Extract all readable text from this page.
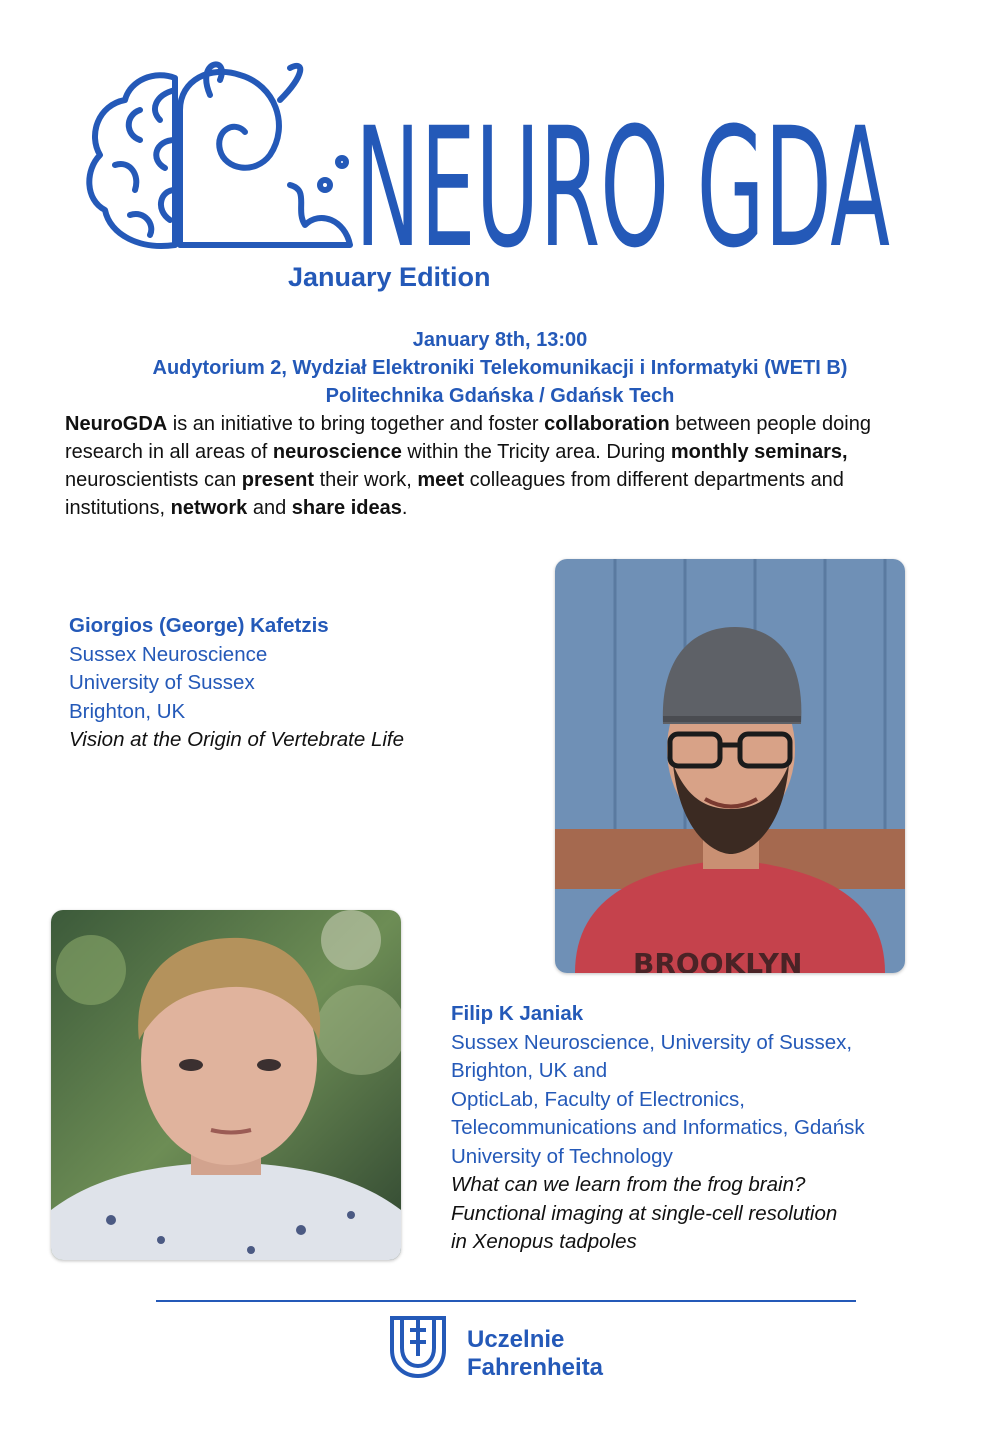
NEURO GDA
January Edition
January 8th, 13:00
Audytorium 2, Wydział Elektroniki Telekomunikacji i Informatyki (WETI B)
Politechnika Gdańska / Gdańsk Tech
NeuroGDA is an initiative to bring together and foster collaboration between people doing research in all areas of neuroscience within the Tricity area. During monthly seminars, neuroscientists can present their work, meet colleagues from different departments and institutions, network and share ideas.
Giorgios (George) Kafetzis
Sussex Neuroscience
University of Sussex
Brighton, UK
Vision at the Origin of Vertebrate Life
BROOKLYN
Filip K Janiak
Sussex Neuroscience, University of Sussex,
Brighton, UK and
OpticLab, Faculty of Electronics,
Telecommunications and Informatics, Gdańsk
University of Technology
What can we learn from the frog brain?
Functional imaging at single-cell resolution
in Xenopus tadpoles
Uczelnie
Fahrenheita
